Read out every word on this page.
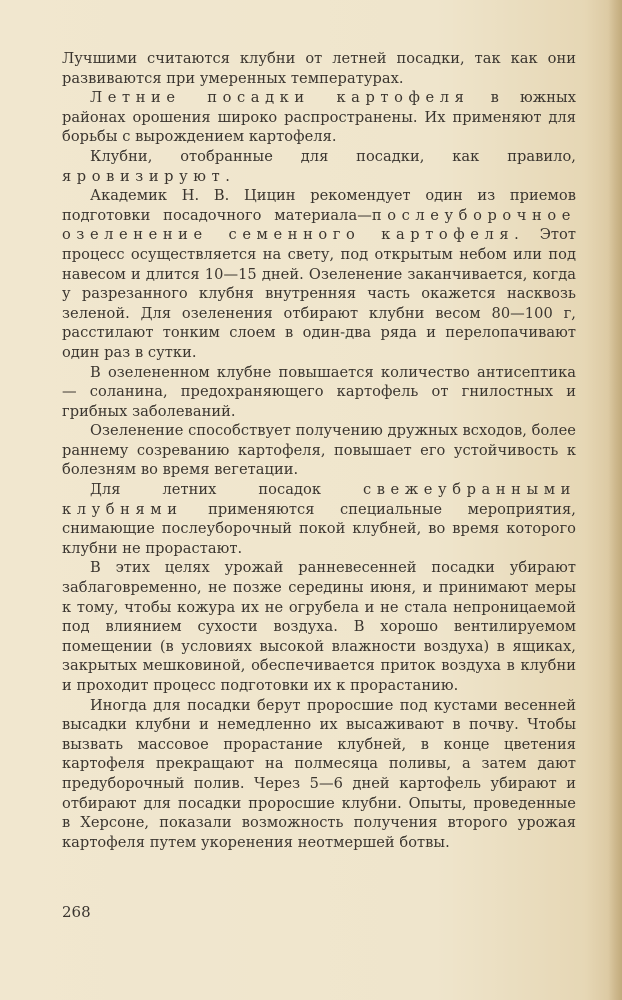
Лучшими считаются клубни от летней посадки, так как они развиваются при умеренных температурах.

Летние посадки картофеля в южных районах орошения широко распространены. Их применяют для борьбы с вырождением картофеля.

Клубни, отобранные для посадки, как правило, яровизируют.

Академик Н. В. Цицин рекомендует один из приемов подготовки посадочного материала—послеуборочное озеленение семенного картофеля. Этот процесс осуществляется на свету, под открытым небом или под навесом и длится 10—15 дней. Озеленение заканчивается, когда у разрезанного клубня внутренняя часть окажется насквозь зеленой. Для озеленения отбирают клубни весом 80—100 г, расстилают тонким слоем в один-два ряда и перелопачивают один раз в сутки.

В озелененном клубне повышается количество антисептика— соланина, предохраняющего картофель от гнилостных и грибных заболеваний.

Озеленение способствует получению дружных всходов, более раннему созреванию картофеля, повышает его устойчивость к болезням во время вегетации.

Для летних посадок свежеубранными клубнями применяются специальные мероприятия, снимающие послеуборочный покой клубней, во время которого клубни не прорастают.

В этих целях урожай ранневесенней посадки убирают заблаговременно, не позже середины июня, и принимают меры к тому, чтобы кожура их не огрубела и не стала непроницаемой под влиянием сухости воздуха. В хорошо вентилируемом помещении (в условиях высокой влажности воздуха) в ящиках, закрытых мешковиной, обеспечивается приток воздуха в клубни и проходит процесс подготовки их к прорастанию.

Иногда для посадки берут проросшие под кустами весенней высадки клубни и немедленно их высаживают в почву. Чтобы вызвать массовое прорастание клубней, в конце цветения картофеля прекращают на полмесяца поливы, а затем дают предуборочный полив. Через 5—6 дней картофель убирают и отбирают для посадки проросшие клубни. Опыты, проведенные в Херсоне, показали возможность получения второго урожая картофеля путем укоренения неотмершей ботвы.

268
